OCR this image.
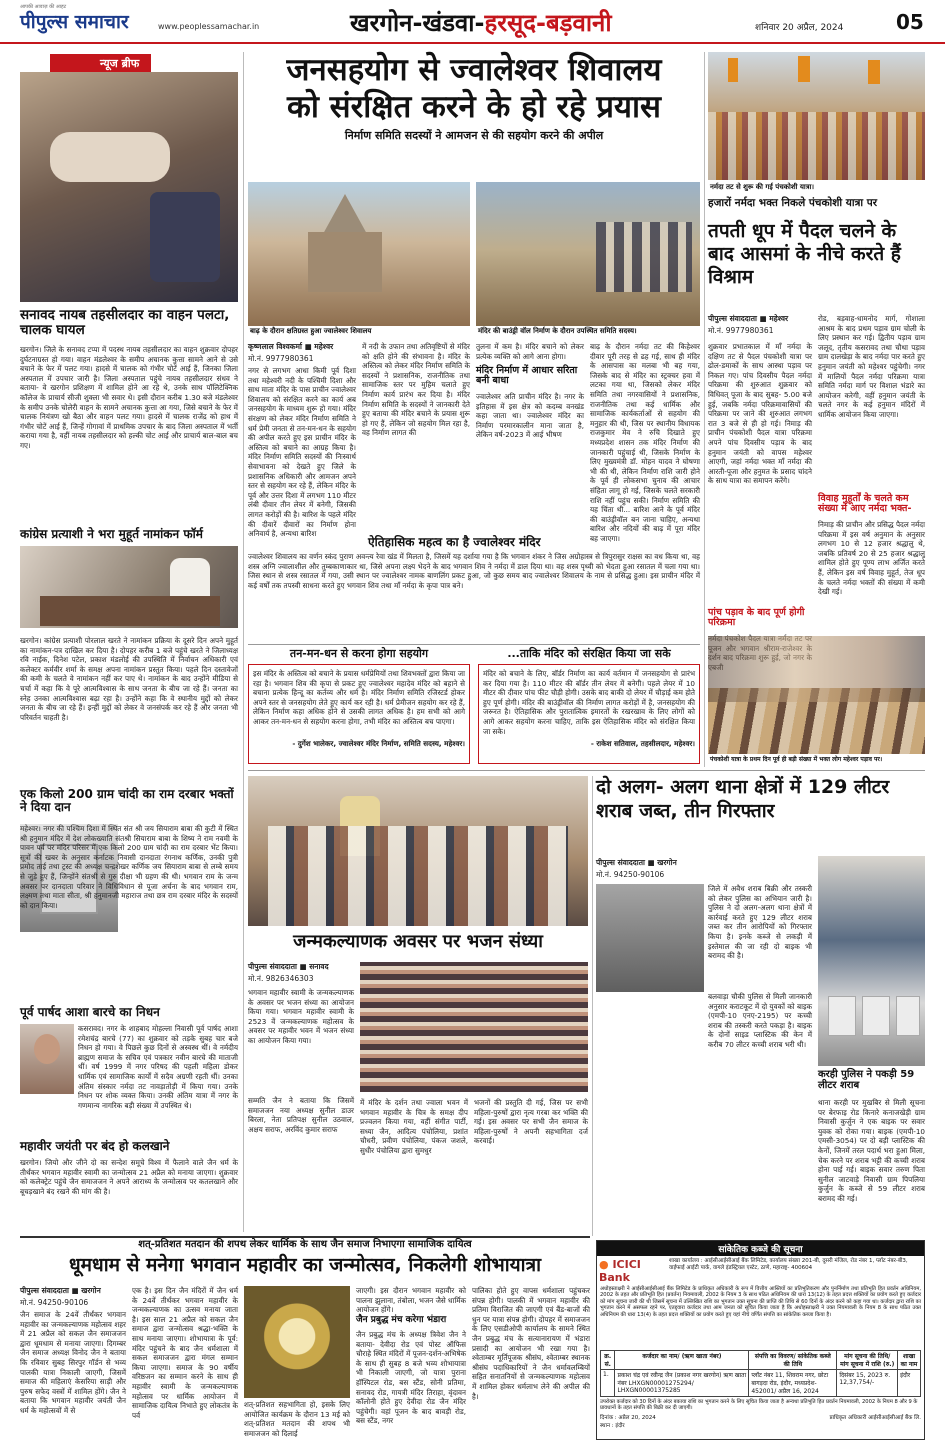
पीपुल्स समाचार
आपकी आवाज़ की आहट
www.peoplessamachar.in	खरगोन-खंडवा-हरसूद-बड़वानी	शनिवार 20 अप्रैल, 2024	05
न्यूज ब्रीफ
सनावद नायब तहसीलदार का वाहन पलटा, चालक घायल
खरगोन। जिले के सनावद टप्पा में पदस्थ नायब तहसीलदार का वाहन शुक्रवार दोपहर दुर्घटनाग्रस्त हो गया। वाहन मंडलेश्वर के समीप अचानक कुत्ता सामने आने से उसे बचाने के फेर में पलट गया। हादसे में चालक को गंभीर चोटें आई हैं, जिनका जिला अस्पताल में उपचार जारी है। जिला अस्पताल पहुंचे नायब तहसीलदार संधव ने बताया- वे खरगोन प्रशिक्षण में शामिल होने आ रहे थे, उनके साथ पॉलिटेक्निक कॉलेज के प्राचार्य सीजी शुक्ला भी सवार थे। इसी दौरान करीब 1.30 बजे मंडलेश्वर के समीप उनके चोलेरी वाहन के सामने अचानक कुत्ता आ गया, जिसे बचाने के फेर में चालक नियंत्रण खो बैठा और वाहन पलट गया। हादसे में चालक राजेंद्र को हाथ में गंभीर चोटें आई हैं, जिन्हें गोगावां में प्राथमिक उपचार के बाद जिला अस्पताल में भर्ती कराया गया है, वहीं नायब तहसीलदार को हल्की चोट आई और प्राचार्य बाल-बाल बच गए।
कांग्रेस प्रत्याशी ने भरा मुहूर्त नामांकन फॉर्म
खरगोन। कांग्रेस प्रत्याशी पोरलाल खरते ने नामांकन प्रक्रिया के दूसरे दिन अपने मुहूर्त का नामांकन-पत्र दाखिल कर दिया है। दोपहर करीब 1 बजे पहुंचे खरते ने जिलाध्यक्ष रवि नाईक, दिनेश पटेल, प्रकाश मंडलोई की उपस्थिति में निर्वाचन अधिकारी एवं कलेक्टर कर्मवीर शर्मा के समक्ष अपना नामांकन प्रस्तुत किया। पहले दिन दस्तावेजों की कमी के चलते वे नामांकन नहीं कर पाए थे। नामांकन के बाद उन्होंने मीडिया से चर्चा में कहा कि वे पूरे आत्मविश्वास के साथ जनता के बीच जा रहे हैं। जनता का स्नेह उनका आत्मविश्वास बढ़ा रहा है। उन्होंने कहा कि वे स्थानीय मुद्दों को लेकर जनता के बीच जा रहे हैं। इन्हीं मुद्दों को लेकर वे जनसंपर्क कर रहे हैं और जनता भी परिवर्तन चाहती है।
एक किलो 200 ग्राम चांदी का राम दरबार भक्तों ने दिया दान
महेश्वर। नगर की पश्चिम दिशा में स्थित संत श्री जय सियाराम बाबा की कुटी में स्थित श्री हनुमान मंदिर में देश लोकख्याति संतश्री सियाराम बाबा के शिष्य ने राम नवमी के पावन पर्व पर मंदिर परिसर में एक किलो 200 ग्राम चांदी का राम दरबार भेंट किया। सूत्रों की खबर के अनुसार कर्नाटक निवासी दानदाता रंगनाथ कर्णिक, उनकी पुत्री प्रमोद ताई तथा ट्रस्ट की अध्यक्ष चन्द्रशेखर कर्णिक जय सियाराम बाबा से लम्बे समय से जुड़े हुए हैं, जिन्होंने संतश्री से गुरु दीक्षा भी ग्रहण की थी। भगवान राम के जन्म अवसर पर दानदाता परिवार ने विधिविधान से पूजा अर्चना के बाद भगवान राम, लक्ष्मण तथा माता सीता, श्री हनुमानजी महाराज तथा छत्र राम दरबार मंदिर के सदस्यों को दान किया।
पूर्व पार्षद आशा बारचे का निधन
कसरावद। नगर के शाहबाद मोहल्ला निवासी पूर्व पार्षद आशा रमेशचंद्र बारचे (77) का शुक्रवार को तड़के सुबह चार बजे निधन हो गया। वे पिछले कुछ दिनों से अस्वस्थ थीं। वे नर्मदीय ब्राह्मण समाज के सचिव एवं पत्रकार नवीन बारचे की माताजी थीं। वर्ष 1999 में नगर परिषद की पहली महिला डोकर धार्मिक एवं सामाजिक कार्यों में सदैव अग्रणी रहती थीं। उनका अंतिम संस्कार नर्मदा तट नावड़ातोड़ी में किया गया। उनके निधन पर शोक व्यक्त किया। उनकी अंतिम यात्रा में नगर के गणमान्य नागरिक बड़ी संख्या में उपस्थित थे।
महावीर जयंती पर बंद हो कलखाने
खरगोन। जियो और जीने दो का सन्देश समूचे विश्व में फैलाने वाले जैन धर्म के तीर्थंकर भगवान महावीर स्वामी का जन्मोत्सव 21 अप्रैल को मनाया जाएगा। शुक्रवार को कलेक्ट्रेट पहुंचे जैन समाजजन ने अपने आराध्य के जन्मोत्सव पर कतलखाने और बूचड़खाने बंद रखने की मांग की है।
जनसहयोग से ज्वालेश्वर शिवालय
को संरक्षित करने के हो रहे प्रयास
निर्माण समिति सदस्यों ने आमजन से की सहयोग करने की अपील
बाढ़ के दौरान क्षतिग्रस्त हुआ ज्वालेश्वर शिवालय	मंदिर की बाउंड्री वॉल निर्माण के दौरान उपस्थित समिति सदस्य।
कृष्णलाल विश्वकर्मा ■ महेश्वर
मो.नं. 9977980361
नगर से लगभग आधा किमी पूर्व दिशा तथा महेश्वरी नदी के पश्चिमी दिशा और साथ माता मंदिर के पास प्राचीन ज्वालेश्वर शिवालय को संरक्षित करने का कार्य अब जनसहयोग के माध्यम शुरू हो गया। मंदिर संरक्षण को लेकर मंदिर निर्माण समिति ने धर्म प्रेमी जनता से तन-मन-धन के सहयोग की अपील करते हुए इस प्राचीन मंदिर के अस्तित्व को बचाने का आग्रह किया है। मंदिर निर्माण समिति सदस्यों की निःस्वार्थ सेवाभावना को देखते हुए जिले के प्रशासनिक अधिकारी और आमजन अपने स्तर से सहयोग कर रहे हैं, लेकिन मंदिर के पूर्व और उत्तर दिशा में लगभग 110 मीटर लंबी दीवार तीन लेयर में बनेगी, जिसकी लागत करोड़ों की है। बारिश के पहले मंदिर की दीवारें दीवारों का निर्माण होना अनिवार्य है, अन्यथा बारिश
में नदी के उफान तथा अतिवृष्टियों से मंदिर को क्षति होने की संभावना है। मंदिर के अस्तित्व को लेकर मंदिर निर्माण समिति के सदस्यों ने प्रशासनिक, राजनीतिक तथा सामाजिक स्तर पर मुहिम चलाते हुए निर्माण कार्य प्रारंभ कर दिया है। मंदिर निर्माण समिति के सदस्यों ने जानकारी देते हुए बताया की मंदिर बचाने के प्रयास शुरू हो गए हैं, लेकिन जो सहयोग मिल रहा है, वह निर्माण लागत की
तुलना में कम है। मंदिर बचाने को लेकर प्रत्येक व्यक्ति को आगे आना होगा।
मंदिर निर्माण में आधार सरिता बनी बाधा
ज्वालेश्वर अति प्राचीन मंदिर है। नगर के इतिहास में इस क्षेत्र को कदम्ब वनखंड कहा जाता था। ज्वालेश्वर मंदिर का निर्माण परमारकालीन माना जाता है, लेकिन वर्ष-2023 में आई भीषण
बाढ़ के दौरान नर्मदा तट की किहेश्वर दीवार पूरी तरह से ढह गई, साथ ही मंदिर के आसपास का मलबा भी बह गया, जिसके बाद से मंदिर का स्ट्रक्चर हवा में लटका गया था, जिसको लेकर मंदिर समिति तथा नगरवासियों ने प्रशासनिक, राजनीतिक तथा कई धार्मिक और सामाजिक कार्यकर्ताओं से सहयोग की मनुहार की थी, जिस पर स्थानीय विधायक राजकुमार मेव ने रुचि दिखाते हुए मध्यप्रदेश शासन तक मंदिर निर्माण की जानकारी पहुंचाई थी, जिसके निर्माण के लिए मुख्यमंत्री डॉ. मोहन यादव ने घोषणा भी की थी, लेकिन निर्माण राशि जारी होने के पूर्व ही लोकसभा चुनाव की आचार संहिता लागू हो गई, जिसके चलते सरकारी राशि नहीं पहुंच सकी। निर्माण समिति की यह चिंता थी... बारिश आने के पूर्व मंदिर की बाउंड्रीवॉल बन जाना चाहिए, अन्यथा बारिश और नदियों की बाढ़ में पूरा मंदिर बह जाएगा।
ऐतिहासिक महत्व का है ज्वालेश्वर मंदिर
ज्वालेश्वर शिवालय का वर्णन स्कंद पुराण अवन्त्य रेवा खंड में मिलता है, जिसमें यह दर्शाया गया है कि भगवान शंकर ने जिस अग्रोहास्त्र से त्रिपुरासुर राक्षस का वध किया था, वह शस्त्र अग्नि ज्वालाशील और तुम्बकाणाकार था, जिसे अपना लक्ष्य भेदने के बाद भगवान शिव ने नर्मदा में डाल दिया था। वह शस्त्र पृथ्वी को भेदता हुआ रसातल में चला गया था। जिस स्थान से शस्त्र रसातल में गया, उसी स्थान पर ज्वालेश्वर नामक बाणलिंग प्रकट हुआ, जो कुछ समय बाद ज्वालेश्वर शिवालय के नाम से प्रसिद्ध हुआ। इस प्राचीन मंदिर में कई वर्षों तक तपस्वी साधना करते हुए भगवान शिव तथा माँ नर्मदा के कृपा पात्र बने।
तन-मन-धन से करना होगा सहयोग
इस मंदिर के अस्तित्व को बचाने के प्रयास धर्मप्रेमियों तथा शिवभक्तों द्वारा किया जा रहा है। भगवान शिव की कृपा से प्रकट हुए ज्वालेश्वर महादेव मंदिर को बहाने से बचाना प्रत्येक हिन्दू का कर्तव्य और धर्म है। मंदिर निर्माण समिति रजिस्टर्ड होकर अपने स्तर से जनसहयोग लेते हुए कार्य कर रही है। धर्म प्रेमीजन सहयोग कर रहे हैं, लेकिन निर्माण कहा अधिक होने से उसकी लागत अधिक है। हम सभी को आगे आकर तन-मन-धन से सहयोग करना होगा, तभी मंदिर का अस्तित्व बच पाएगा।
- दुर्गेश भालेकर, ज्वालेश्वर मंदिर निर्माण, समिति सदस्य, महेश्वर।
...ताकि मंदिर को संरक्षित किया जा सके
मंदिर को बचाने के लिए, बॉर्डर निर्माण का कार्य वर्तमान में जनसहयोग से प्रारंभ कर दिया गया है। 110 मीटर की बॉर्डर तीन लेयर में बनेगी। पहले लेयर में 10 मीटर की दीवार पांच फीट चौड़ी होगी। उसके बाद बाकी दो लेयर में चौड़ाई कम होते हुए पूर्ण होगी। मंदिर की बाउंड्रीवॉल की निर्माण लागत करोड़ों में है, जनसहयोग की जरूरत है। ऐतिहासिक और पुरातात्विक इमारतों के रखरखाव के लिए लोगों को आगे आकर सहयोग करना चाहिए, ताकि इस ऐतिहासिक मंदिर को संरक्षित किया जा सके।
- राकेश सतिवाल, तहसीलदार, महेश्वर।
नर्मदा तट से शुरू की गई पंचकोशी यात्रा।
हजारों नर्मदा भक्त निकले पंचकोशी यात्रा पर
तपती धूप में पैदल चलने के बाद आसमां के नीचे करते हैं विश्राम
पीपुल्स संवाददाता ■ महेश्वर
मो.नं. 9977980361
शुक्रवार प्रभातकाल में माँ नर्मदा के दक्षिण तट से पैदल पंचकोशी यात्रा पर ढोल-डमाकों के साथ आस्था पड़ाव पर निकल गए। पांच दिवसीय पैदल नर्मदा परिक्रमा की शुरुआत शुक्रवार को विधिवत् पूजा के बाद सुबह- 5.00 बजे हुई, जबकि नर्मदा परिक्रमावासियों की परिक्रमा पर जाने की शुरुआत लगभग रात 3 बजे से ही हो गई। निमाड़ की प्राचीन पंचकोशी पैदल यात्रा परिक्रमा अपने पांच दिवसीय पड़ाव के बाद हनुमान जयंती को वापस महेश्वर आएगी, जहां नर्मदा भक्त माँ नर्मदा की आरती-पूजा और हनुमत के प्रसाद चांदने के साथ यात्रा का समापन करेंगे।
पांच पड़ाव के बाद पूर्ण होगी परिक्रमा
रोड, बड़वाह-धामनोद मार्ग, गोशाला आश्रम के बाद प्रथम पड़ाव ग्राम चोली के लिए प्रस्थान कर गई। द्वितीय पड़ाव ग्राम जलूद, तृतीय कसरावद तथा चौथा पड़ाव ग्राम दालखेड़ा के बाद नर्मदा पार करते हुए हनुमान जयंती को महेश्वर पहुंचेगी। नगर में मालियों पैदल नर्मदा परिक्रमा यात्रा समिति नर्मदा मार्ग पर विशाल भंडारे का आयोजन करेगी, वहीं हनुमान जयंती के चलते नगर के कई हनुमान मंदिरों में धार्मिक आयोजन किया जाएगा।
विवाह मुहूर्तों के चलते कम संख्या में आए नर्मदा भक्त-
निमाड़ की प्राचीन और प्रसिद्ध पैदल नर्मदा परिक्रमा में इस वर्ष अनुमान के अनुसार लगभग 10 से 12 हजार श्रद्धालु थे, जबकि प्रतिवर्ष 20 से 25 हजार श्रद्धालु शामिल होते हुए पूण्य लाभ अर्जित करते हैं, लेकिन इस वर्ष विवाह मुहूर्त, तेज धूप के चलते नर्मदा भक्तों की संख्या में कमी देखी गई।
पंचकोशी यात्रा के प्रथम दिन पूर्व ही बड़ी संख्या में भक्त लोग महेश्वर पड़ाव पर।
जन्मकल्याणक अवसर पर भजन संध्या
पीपुल्स संवाददाता ■ सनावद
मो.नं. 9826346303
भगवान महावीर स्वामी के जन्मकल्याणक के अवसर पर भजन संध्या का आयोजन किया गया। भगवान महावीर स्वामी के 2523 वें जन्मकल्याणक महोत्सव के अवसर पर महावीर भवन में भजन संध्या का आयोजन किया गया।
सम्मति जैन ने बताया कि जिसमें समाजजन नया अध्यक्ष सुनील डाउर बिरला, नेता प्रतिपक्ष सुनील उठवाल, अक्षय सराफ, अरविंद कुमार सराफ
में मंदिर के दर्शन तथा ज्वाला भवन में भगवान महावीर के चित्र के समक्ष दीप प्रज्वलन किया गया, वहीं संगीत पार्टी, सध्या जैन, आदित्य पंचोलिया, प्रशांत चौधरी, प्रवीण पंचोलिया, पंकज जशले, सुधीर पंचोलिया द्वारा सुमधुर
भजनों की प्रस्तुति दी गई, जिस पर सभी महिला-पुरुषों द्वारा नृत्य गरबा कर भक्ति की गई। इस अवसर पर सभी जैन समाज के महिला-पुरुषों ने अपनी सहभागिता दर्ज करवाई।
दो अलग- अलग थाना क्षेत्रों में 129 लीटर शराब जब्त, तीन गिरफ्तार
पीपुल्स संवाददाता ■ खरगोन
मो.नं. 94250-90106
जिले में अवैध शराब बिक्री और तस्करी को लेकर पुलिस का अभियान जारी है। पुलिस ने दो अलग-अलग थाना क्षेत्रों में कार्रवाई करते हुए 129 लीटर शराब जब्त कर तीन आरोपियों को गिरफ्तार किया है। इनके कब्जे से लकड़ी में इस्तेमाल की जा रही दो बाइक भी बरामद की है।
बलवाड़ा चौकी पुलिस से मिली जानकारी अनुसार कराटकूट में दो युवकों को बाइक (एमपी-10 एनए-2195) पर कच्ची शराब की तस्करी करते पकड़ा है। बाइक के दोनों साइड प्लास्टिक की केन में करीब 70 लीटर कच्ची शराब भरी थी।
करही पुलिस ने पकड़ी 59 लीटर शराब
थाना करही पर मुखबिर से मिली सूचना पर बेरफाइ रोड किनारे कनाजखेड़ी ग्राम निवासी कुर्जुन ने एक बाइक पर सवार युवक को रोका गया। बाइक (एमपी-10 एमसी-3054) पर दो बड़ी प्लास्टिक की केनों, जिनमें तरल पदार्थ भरा हुआ मिला, चेक करने पर शराब भट्टी की कच्ची शराब होना पाई गई। बाइक सवार तरुण पिता सुनील जाटवाड़े निवासी ग्राम पिपलिया कुर्जुन के कब्जे से 59 लीटर शराब बरामद की गई।
शत्-प्रतिशत मतदान की शपथ लेकर धार्मिक के साथ जैन समाज निभाएगा सामाजिक दायित्व
धूमधाम से मनेगा भगवान महावीर का जन्मोत्सव, निकलेगी शोभायात्रा
पीपुल्स संवाददाता ■ खरगोन
मो.नं. 94250-90106
जैन समाज के 24वें तीर्थंकर भगवान महावीर का जन्मकल्याणक महोत्सव शहर में 21 अप्रैल को सकल जैन समाजजन द्वारा धूमधाम से मनाया जाएगा। दिगम्बर जैन समाज अध्यक्ष विनोद जैन ने बताया कि रविवार सुबह सिरपुर गॉर्डन से भव्य पालकी यात्रा निकाली जाएगी, जिसमें समाज की महिलाएं केसरिया साड़ी और पुरुष सफेद वस्त्रों में शामिल होंगे। जैन ने बताया कि भगवान महावीर जयंती जैन धर्म के महोत्सवों में से
एक है। इस दिन जैन मंदिरों में जैन धर्म के 24वें तीर्थंकर भगवान महावीर के जन्मकल्याणक का उत्सव मनाया जाता है। इस साल 21 अप्रैल को सकल जैन समाज द्वारा जन्मोत्सव श्रद्धा-भक्ति के साथ मनाया जाएगा। शोभायात्रा के पूर्व: मंदिर पहुंचने के बाद जैन धर्मशाला में सकल समाजजन द्वारा मंगल सम्मान किया जाएगा। समाज के 90 वर्षीय वरिष्ठजन का सम्मान करने के साथ ही महावीर स्वामी के जन्मकल्याणक महोत्सव पर धार्मिक आयोजन में सामाजिक दायित्व निभाते हुए लोकतंत्र के पर्व
शत्-प्रतिशत सहभागिता हो, इसके लिए आयोजित कार्यक्रम के दौरान 13 मई को शत्-प्रतिशत मतदान की शपथ भी समाजजन को दिलाई
जाएगी। इस दौरान भगवान महावीर को पालना झुलाना, तंबोला, भजन जैसे धार्मिक आयोजन होंगे।
जैन प्रबुद्ध मंच करेगा भंडारा
जैन प्रबुद्ध मंच के अध्यक्ष त्रिवेश जैन ने बताया- देवीदा रोड एवं पोस्ट ऑफिस चौराहे स्थित मंदिरों में पूजन-दर्शन-अभिषेक के साथ ही सुबह 8 बजे भव्य शोभायात्रा भी निकाली जाएगी, जो यात्रा पुराना हॉस्पिटल रोड, बस स्टैंड, सोनी प्रतिमा, सनावद रोड, गायत्री मंदिर तिराहा, वृंदावन कॉलोनी होते हुए देवीदा रोड जैन मंदिर पहुंचेगी। वहां पूजन के बाद बावड़ी रोड, बस स्टैंड, नगर
पालिका होते हुए वापस धर्मशाला पहुंचकर संपन्न होगी। पालकी में भगवान महावीर की प्रतिमा विराजित की जाएगी एवं बैंड-बाजों की धुन पर यात्रा संपन्न होगी। दोपहर में समाजजन के लिए एसडीओपी कार्यालय के सामने स्थित जैन प्रबुद्ध मंच के सत्यानारायण में भंडारा प्रसादी का आयोजन भी रखा गया है। श्वेताम्बर मूर्तिपूजक श्रीसंघ, श्वेताम्बर स्थानक श्रीसंघ पदाधिकारियों ने जैन धर्मावलम्बियों सहित सनातनियों से जन्मकल्याणक महोत्सव में शामिल होकर धर्मलाभ लेने की अपील की है।
सांकेतिक कब्जे की सूचना
● ICICI Bank
शाखा कार्यालय : आईसीआईसीआई बैंक लिमिटेड, कार्यालय संख्या 201-बी, दूसरी मंजिल, रोड नंबर 1, प्लॉट नंबर-बी3, वाईफाई आईटी पार्क, वागले इंडस्ट्रियल एस्टेट, ठाणे, महाराष्ट्र- 400604
अधोहस्ताक्षरी ने आईसीआईसीआई बैंक लिमिटेड के प्राधिकृत अधिकारी के रूप में वित्तीय आस्तियों का प्रतिभूतिकरण और पुनर्निर्माण तथा प्रतिभूति हित प्रवर्तन अधिनियम, 2002 के तहत और प्रतिभूति हित (प्रवर्तन) नियमावली, 2002 के नियम 3 के साथ पठित अधिनियम की धारा 13(12) के तहत प्रदत्त शक्तियों का प्रयोग करते हुए कर्जदार को मांग सूचना जारी की थी जिसमें सूचना में उल्लिखित राशि का भुगतान उक्त सूचना की प्राप्ति की तिथि से 60 दिनों के अंदर करने को कहा गया था। कर्जदार द्वारा राशि का भुगतान करने में असफल रहने पर, एतद्द्वारा कर्जदार तथा आम जनता को सूचित किया जाता है कि अधोहस्ताक्षरी ने उक्त नियमावली के नियम 8 के साथ पठित उक्त अधिनियम की धारा 13(4) के तहत प्रदत्त शक्तियों का प्रयोग करते हुए यहां नीचे वर्णित संपत्ति का सांकेतिक कब्जा किया है।
क्र. सं.	कर्जदार का नाम/ (ऋण खाता नंबर)	संपत्ति का विवरण/ सांकेतिक कब्जे की तिथि	मांग सूचना की तिथि/ मांग सूचना में राशि (रु.)	शाखा का नाम
1.	प्रकाश चंद्र एवं रवीन्द्र जैन (प्रकाश नगर खरगोन) ऋण खाता नंबर LHXGN00001275294/ LHXGN00001375285	प्लॉट नंबर 11, शिवराम नगर, छोटा बागड़दा रोड, इंदौर, मध्यप्रदेश- 452001/ अप्रैल 16, 2024	दिसंबर 15, 2023 रु. 12,37,754/-	इंदौर
उपरोक्त कर्जदार को 30 दिनों के अंदर बकाया राशि का भुगतान करने के लिए सूचित किया जाता है अन्यथा प्रतिभूति हित प्रवर्तन नियमावली, 2002 के नियम 8 और 9 के प्रावधानों के तहत संपत्ति की बिक्री कर दी जाएगी।
दिनांक : अप्रैल 20, 2024
स्थान : इंदौर
प्राधिकृत अधिकारी आईसीआईसीआई बैंक लि.
